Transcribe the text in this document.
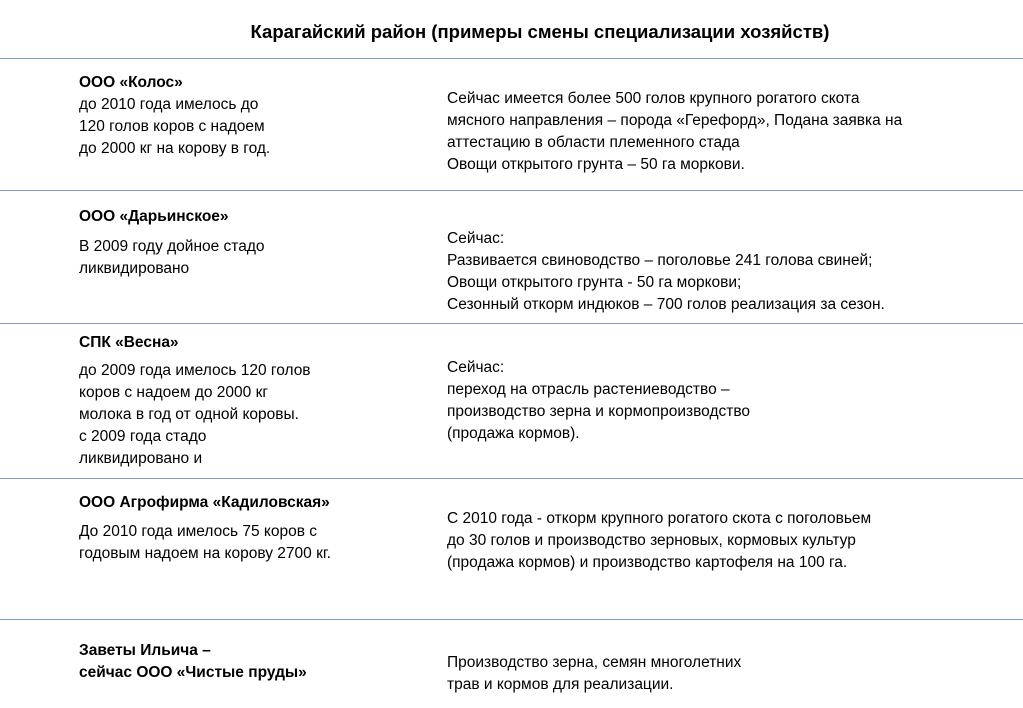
Карагайский район (примеры смены специализации хозяйств)
ООО «Колос»
до 2010 года имелось до
120 голов коров с надоем
до 2000 кг на корову в год.
Сейчас имеется более 500 голов крупного рогатого скота
мясного направления – порода «Герефорд», Подана заявка на
аттестацию в области племенного стада
Овощи открытого грунта – 50 га моркови.
ООО «Дарьинское»
В 2009 году дойное стадо
ликвидировано
Сейчас:
Развивается свиноводство – поголовье 241 голова свиней;
Овощи открытого грунта - 50 га моркови;
Сезонный откорм индюков – 700 голов реализация за сезон.
СПК «Весна»
до 2009 года имелось 120 голов
коров с надоем до 2000 кг
молока в год от одной коровы.
с 2009 года стадо
ликвидировано и
Сейчас:
переход на отрасль растениеводство –
производство зерна и кормопроизводство
(продажа кормов).
ООО Агрофирма «Кадиловская»
До 2010 года имелось 75 коров с
годовым надоем на корову 2700 кг.
С 2010 года - откорм крупного рогатого скота с поголовьем
до 30 голов и производство зерновых, кормовых культур
(продажа кормов) и производство картофеля на 100 га.
Заветы Ильича –
сейчас ООО «Чистые пруды»
Производство зерна, семян многолетних
трав и кормов для реализации.
